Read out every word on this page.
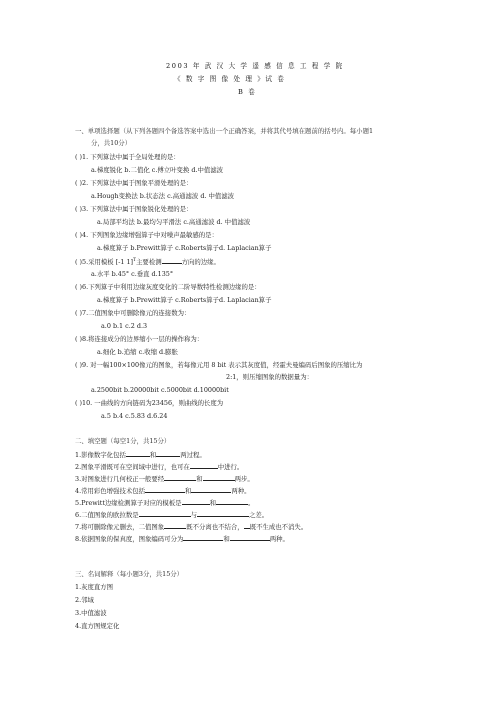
2003 年 武 汉 大 学 遥 感 信 息 工 程 学 院
《 数 字 图 像 处 理 》试 卷
B 卷
一、单项选择题（从下列各题四个备选答案中选出一个正确答案，并将其代号填在题前的括号内。每小题1
分，共10分）
( )1. 下列算法中属于全局处理的是：
a.梯度锐化 b.二值化 c.傅立叶变换 d.中值滤波
( )2. 下列算法中属于图象平滑处理的是：
a.Hough变换法 b.状态法 c.高通滤波 d. 中值滤波
( )3. 下列算法中属于图象锐化处理的是：
a.局部平均法 b.最均匀平滑法 c.高通滤波 d. 中值滤波
( )4. 下列图象边缘增强算子中对噪声最敏感的是：
a.梯度算子 b.Prewitt算子 c.Roberts算子d. Laplacian算子
( )5.采用模板 [-1 1]$^T$主要检测	方向的边缘。
a.水平 b.45° c.垂直 d.135°
( )6.下列算子中利用边缘灰度变化的二阶导数特性检测边缘的是：
a.梯度算子 b.Prewitt算子 c.Roberts算子d. Laplacian算子
( )7.二值图象中可删除像元的连接数为：
a.0 b.1 c.2 d.3
( )8.将连接成分的边界缩小一层的操作称为：
a.细化 b.追缩 c.收缩 d.膨胀
( )9. 对一幅100×100像元的图象，若每像元用 8 bit 表示其灰度值，经霍夫曼编码后图象的压缩比为
2:1，则压缩图象的数据量为：
a.2500bit b.20000bit c.5000bit d.10000bit
( )10. 一曲线的方向链码为23456，则曲线的长度为
a.5 b.4 c.5.83 d.6.24
二、填空题（每空1分，共15分）
1.影像数字化包括	和	两过程。
2.图象平滑既可在空间域中进行，也可在	中进行。
3.对图象进行几何校正一般要经	和	两步。
4.常用彩色增强技术包括	和	两种。
5.Prewitt边缘检测算子对应的模板是	和	。
6.二值图象的欧拉数是	与	之差。
7.将可删除像元删去，二值图象	既不分离也不结合， 既不生成也不消失。
8.依据图象的保真度，图象编码可分为	和	两种。
三、名词解释（每小题3分，共15分）
1.灰度直方图
2.邻域
3.中值滤波
4.直方图规定化
